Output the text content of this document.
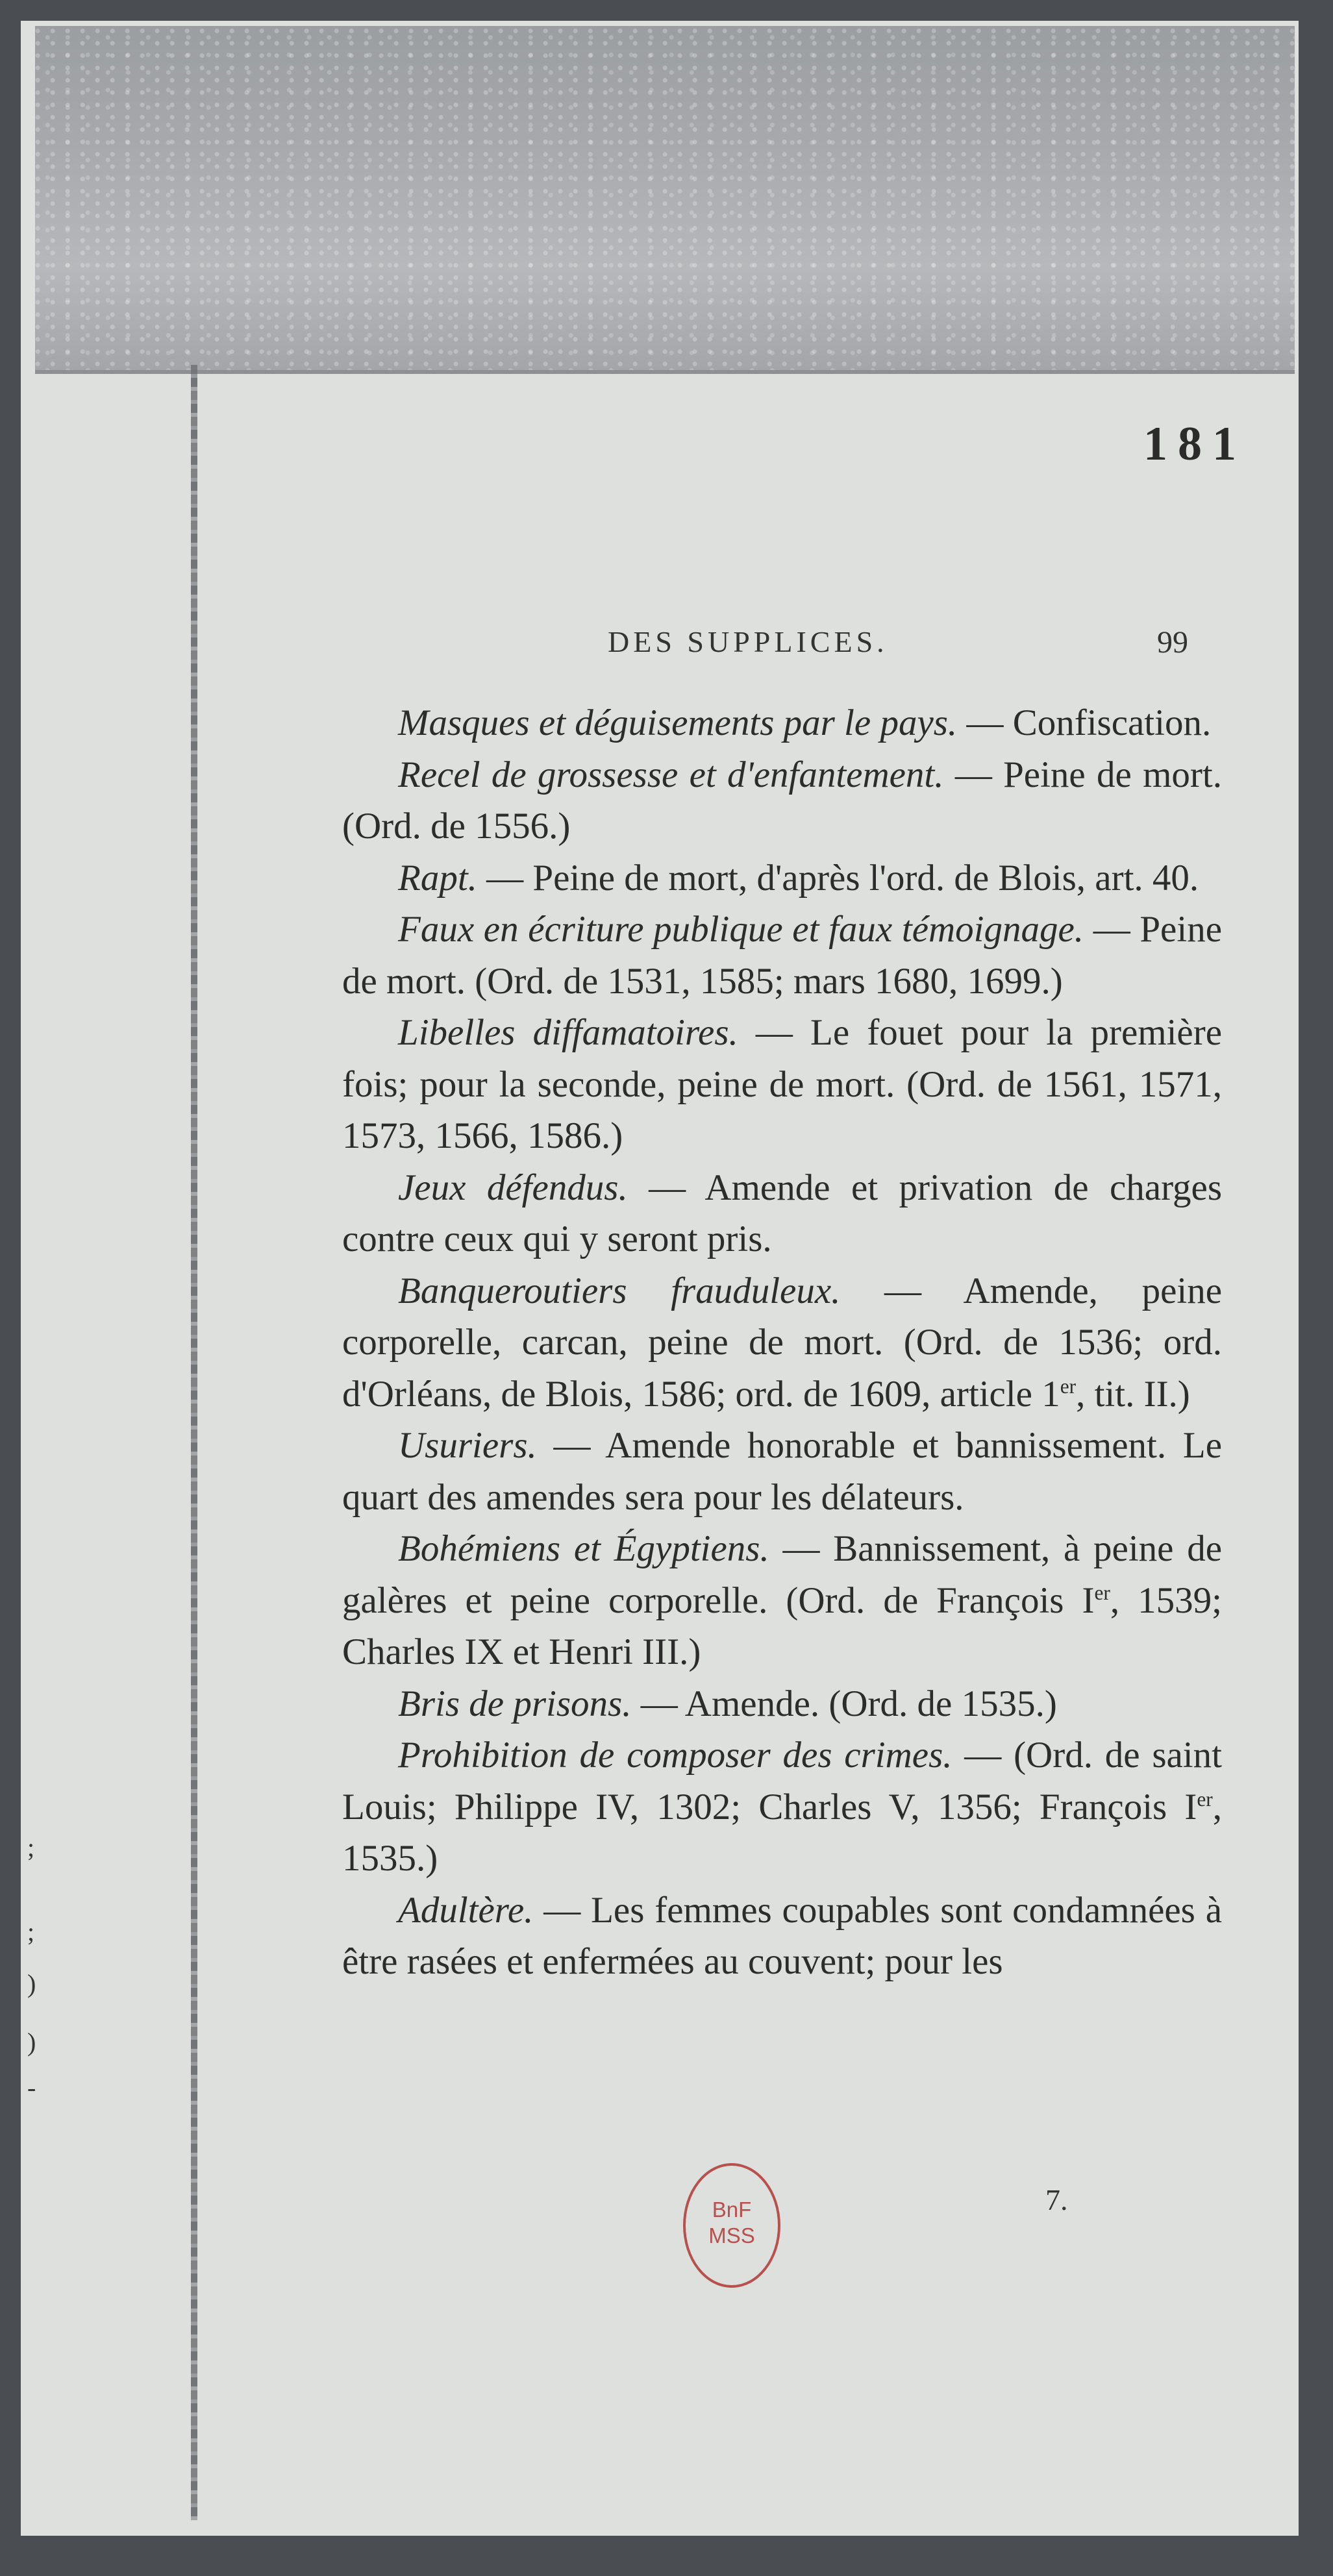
;
;
)
)
-
181
DES SUPPLICES.	99

Masques et déguisements par le pays. — Confiscation.

Recel de grossesse et d'enfantement. — Peine de mort. (Ord. de 1556.)

Rapt. — Peine de mort, d'après l'ord. de Blois, art. 40.

Faux en écriture publique et faux témoignage. — Peine de mort. (Ord. de 1531, 1585; mars 1680, 1699.)

Libelles diffamatoires. — Le fouet pour la première fois; pour la seconde, peine de mort. (Ord. de 1561, 1571, 1573, 1566, 1586.)

Jeux défendus. — Amende et privation de charges contre ceux qui y seront pris.

Banqueroutiers frauduleux. — Amende, peine corporelle, carcan, peine de mort. (Ord. de 1536; ord. d'Orléans, de Blois, 1586; ord. de 1609, article 1er, tit. II.)

Usuriers. — Amende honorable et bannissement. Le quart des amendes sera pour les délateurs.

Bohémiens et Égyptiens. — Bannissement, à peine de galères et peine corporelle. (Ord. de François Ier, 1539; Charles IX et Henri III.)

Bris de prisons. — Amende. (Ord. de 1535.)

Prohibition de composer des crimes. — (Ord. de saint Louis; Philippe IV, 1302; Charles V, 1356; François Ier, 1535.)

Adultère. — Les femmes coupables sont condamnées à être rasées et enfermées au couvent; pour les

7.
BnF
MSS
